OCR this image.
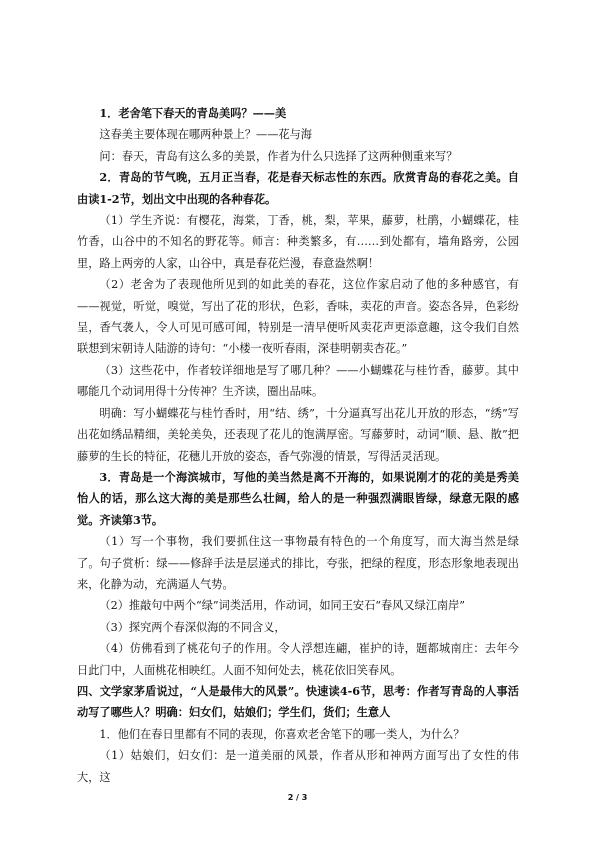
1．老舍笔下春天的青岛美吗？——美

这春美主要体现在哪两种景上？——花与海

问：春天，青岛有这么多的美景，作者为什么只选择了这两种侧重来写？

2．青岛的节气晚，五月正当春，花是春天标志性的东西。欣赏青岛的春花之美。自由读1-2节，划出文中出现的各种春花。

（1）学生齐说：有樱花，海棠，丁香，桃，梨，苹果，藤萝，杜鹃，小蝴蝶花，桂竹香，山谷中的不知名的野花等。师言：种类繁多，有……到处都有，墙角路旁，公园里，路上两旁的人家，山谷中，真是春花烂漫，春意盎然啊！

（2）老舍为了表现他所见到的如此美的春花，这位作家启动了他的多种感官，有——视觉，听觉，嗅觉，写出了花的形状，色彩，香味，卖花的声音。姿态各异，色彩纷呈，香气袭人，令人可见可感可闻，特别是一清早便听风卖花声更添意趣，这令我们自然联想到宋朝诗人陆游的诗句：“小楼一夜听春雨，深巷明朝卖杏花。”

（3）这些花中，作者较详细地是写了哪几种？——小蝴蝶花与桂竹香，藤萝。其中哪能几个动词用得十分传神？生齐读，圈出品味。

明确：写小蝴蝶花与桂竹香时，用“结、绣”，十分逼真写出花儿开放的形态，“绣”写出花如绣品精细，美轮美奂，还表现了花儿的饱满厚密。写藤萝时，动词“顺、悬、散”把藤萝的生长的特征，花穗儿开放的姿态，香气弥漫的情景，写得活灵活现。

3．青岛是一个海滨城市，写他的美当然是离不开海的，如果说刚才的花的美是秀美怡人的话，那么这大海的美是那些么壮阔，给人的是一种强烈满眼皆绿，绿意无限的感觉。齐读第3节。

（1）写一个事物，我们要抓住这一事物最有特色的一个角度写，而大海当然是绿了。句子赏析：绿——修辞手法是层递式的排比，夸张，把绿的程度，形态形象地表现出来，化静为动，充满逼人气势。

（2）推敲句中两个“绿”词类活用，作动词，如同王安石“春风又绿江南岸”

（3）探究两个春深似海的不同含义，

（4）仿佛看到了桃花句子的作用。令人浮想连翩，崔护的诗，题都城南庄：去年今日此门中，人面桃花相映红。人面不知何处去，桃花依旧笑春风。

四、文学家茅盾说过，“人是最伟大的风景”。快速读4-6节，思考：作者写青岛的人事活动写了哪些人？明确：妇女们，姑娘们；学生们，货们；生意人

1．他们在春日里都有不同的表现，你喜欢老舍笔下的哪一类人，为什么？

（1）姑娘们，妇女们：是一道美丽的风景，作者从形和神两方面写出了女性的伟大，这

2 / 3
